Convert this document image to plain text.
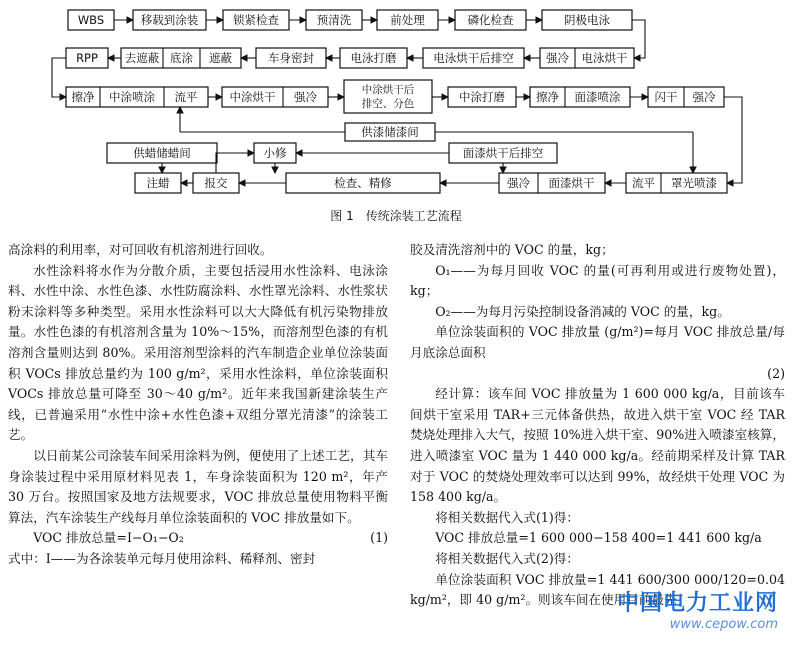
WBS	移载到涂装	锁紧检查	预清洗	前处理	磷化检查	阴极电泳
RPP 去遮蔽 底涂 遮蔽	车身密封	电泳打磨	电泳烘干后排空	强冷 电泳烘干
擦净 中涂喷涂 流平	中涂烘干 强冷	中涂烘干后
排空、分色	中涂打磨	擦净 面漆喷涂	闪干 强冷
供漆储漆间
供蜡储蜡间	小修	面漆烘干后排空
注蜡	报交	检查、精修	强冷 面漆烘干	流平 罩光喷漆
图 1　传统涂装工艺流程

高涂料的利用率，对可回收有机溶剂进行回收。

水性涂料将水作为分散介质，主要包括浸用水性涂料、电泳涂料、水性中涂、水性色漆、水性防腐涂料、水性罩光涂料、水性浆状粉末涂料等多种类型。采用水性涂料可以大大降低有机污染物排放量。水性色漆的有机溶剂含量为 10%～15%，而溶剂型色漆的有机溶剂含量则达到 80%。采用溶剂型涂料的汽车制造企业单位涂装面积 VOCs 排放总量约为 100 g/m²，采用水性涂料，单位涂装面积 VOCs 排放总量可降至 30～40 g/m²。近年来我国新建涂装生产线，已普遍采用“水性中涂+水性色漆+双组分罩光清漆”的涂装工艺。

以日前某公司涂装车间采用涂料为例，便使用了上述工艺，其车身涂装过程中采用原材料见表 1，车身涂装面积为 120 m²，年产 30 万台。按照国家及地方法规要求，VOC 排放总量使用物料平衡算法，汽车涂装生产线每月单位涂装面积的 VOC 排放量如下。

VOC 排放总量=I−O₁−O₂	(1)

式中：I——为各涂装单元每月使用涂料、稀释剂、密封

胶及清洗溶剂中的 VOC 的量，kg；

O₁——为每月回收 VOC 的量(可再利用或进行废物处置)，kg；

O₂——为每月污染控制设备消减的 VOC 的量，kg。

单位涂装面积的 VOC 排放量 (g/m²)=每月 VOC 排放总量/每月底涂总面积

(2)

经计算：该车间 VOC 排放量为 1 600 000 kg/a，目前该车间烘干室采用 TAR+三元体备供热，故进入烘干室 VOC 经 TAR 焚烧处理排入大气，按照 10%进入烘干室、90%进入喷漆室核算，进入喷漆室 VOC 量为 1 440 000 kg/a。经前期采样及计算 TAR 对于 VOC 的焚烧处理效率可以达到 99%，故经烘干处理 VOC 为 158 400 kg/a。

将相关数据代入式(1)得：

VOC 排放总量=1 600 000−158 400=1 441 600 kg/a

将相关数据代入式(2)得：

单位涂装面积 VOC 排放量=1 441 600/300 000/120=0.04 kg/m²，即 40 g/m²。则该车间在使用目前最先

中国电力工业网
www.cepow.com
